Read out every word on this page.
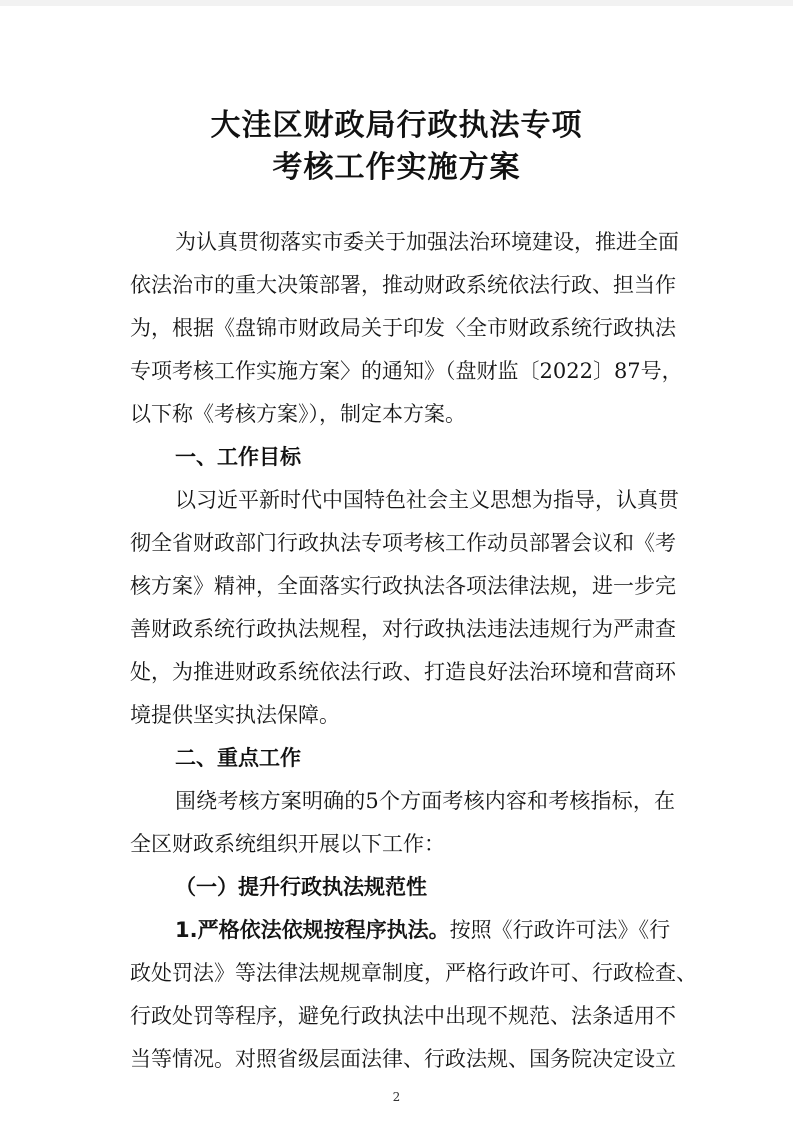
大洼区财政局行政执法专项
考核工作实施方案
为认真贯彻落实市委关于加强法治环境建设，推进全面
依法治市的重大决策部署，推动财政系统依法行政、担当作
为，根据《盘锦市财政局关于印发〈全市财政系统行政执法
专项考核工作实施方案〉的通知》（盘财监〔2022〕87号，
以下称《考核方案》），制定本方案。
一、工作目标
以习近平新时代中国特色社会主义思想为指导，认真贯
彻全省财政部门行政执法专项考核工作动员部署会议和《考
核方案》精神，全面落实行政执法各项法律法规，进一步完
善财政系统行政执法规程，对行政执法违法违规行为严肃查
处，为推进财政系统依法行政、打造良好法治环境和营商环
境提供坚实执法保障。
二、重点工作
围绕考核方案明确的5个方面考核内容和考核指标，在
全区财政系统组织开展以下工作：
（一）提升行政执法规范性
1.严格依法依规按程序执法。按照《行政许可法》《行
政处罚法》等法律法规规章制度，严格行政许可、行政检查、
行政处罚等程序，避免行政执法中出现不规范、法条适用不
2
当等情况。对照省级层面法律、行政法规、国务院决定设立
